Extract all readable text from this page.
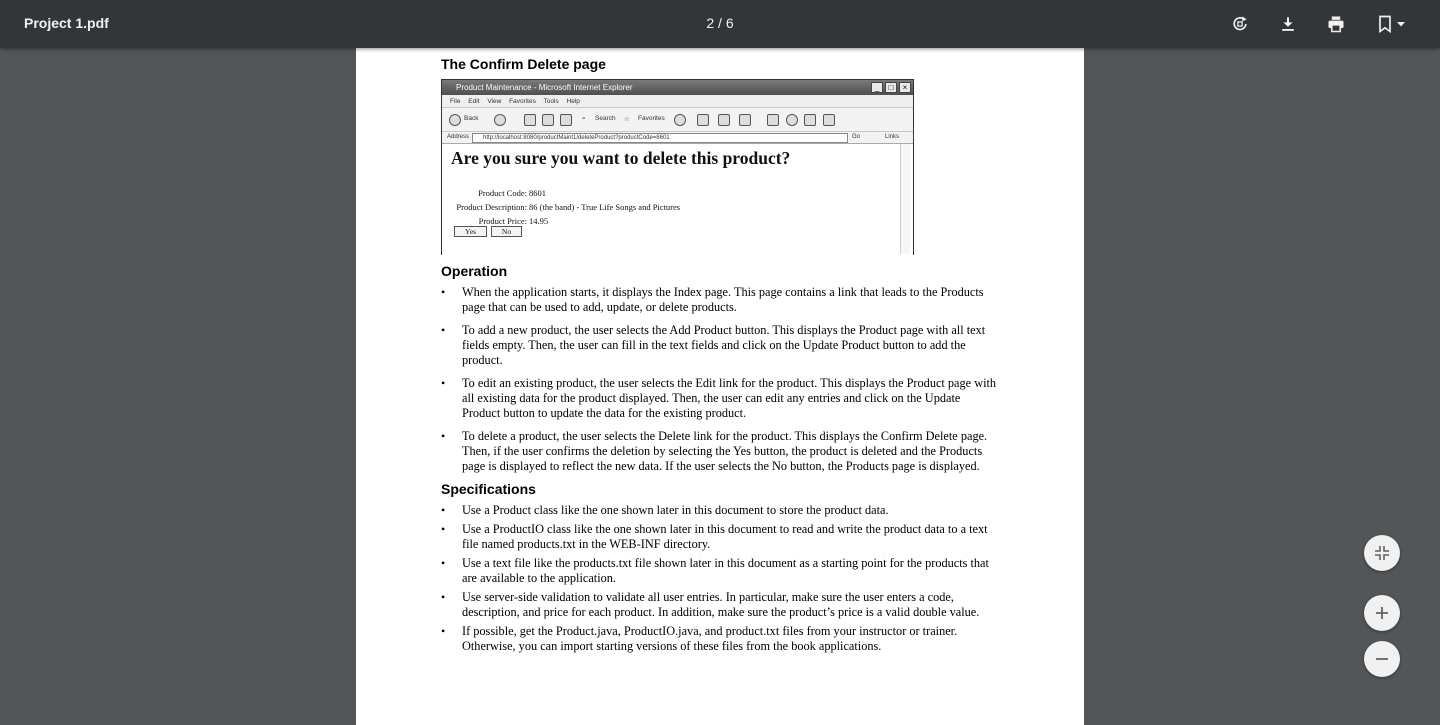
Project 1.pdf	2 / 6
The Confirm Delete page
Product Maintenance - Microsoft Internet Explorer	_	□	×
File Edit View Favorites Tools Help
Back	⌕ Search ☆ Favorites
Address	http://localhost:8080/productMaint1/deleteProduct?productCode=8601	Go	Links
Are you sure you want to delete this product?
Product Code: 8601
Product Description: 86 (the band) - True Life Songs and Pictures
Product Price: 14.95
Yes	No
Operation
• When the application starts, it displays the Index page. This page contains a link that leads to the Products page that can be used to add, update, or delete products.
• To add a new product, the user selects the Add Product button. This displays the Product page with all text fields empty. Then, the user can fill in the text fields and click on the Update Product button to add the product.
• To edit an existing product, the user selects the Edit link for the product. This displays the Product page with all existing data for the product displayed. Then, the user can edit any entries and click on the Update Product button to update the data for the existing product.
• To delete a product, the user selects the Delete link for the product. This displays the Confirm Delete page. Then, if the user confirms the deletion by selecting the Yes button, the product is deleted and the Products page is displayed to reflect the new data. If the user selects the No button, the Products page is displayed.
Specifications
• Use a Product class like the one shown later in this document to store the product data.
• Use a ProductIO class like the one shown later in this document to read and write the product data to a text file named products.txt in the WEB-INF directory.
• Use a text file like the products.txt file shown later in this document as a starting point for the products that are available to the application.
• Use server-side validation to validate all user entries. In particular, make sure the user enters a code, description, and price for each product. In addition, make sure the product’s price is a valid double value.
• If possible, get the Product.java, ProductIO.java, and product.txt files from your instructor or trainer. Otherwise, you can import starting versions of these files from the book applications.
